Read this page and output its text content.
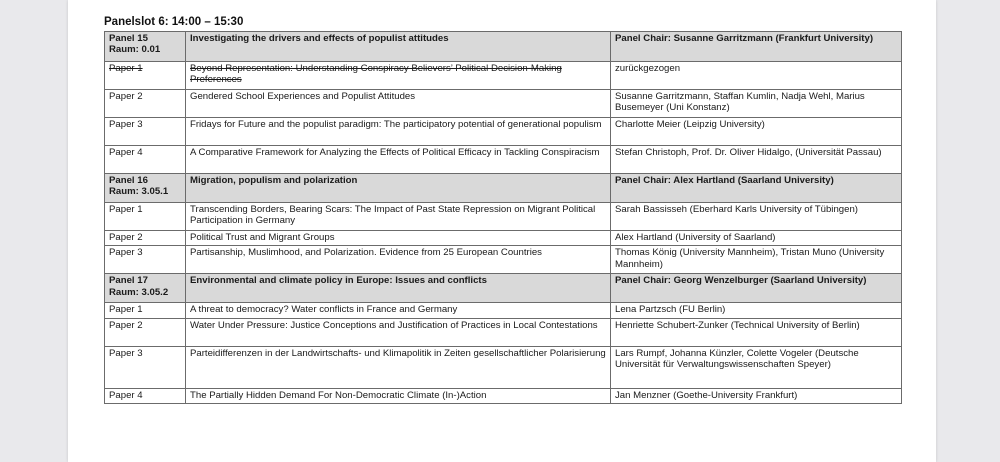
Panelslot 6: 14:00 – 15:30
Panel 15
Raum: 0.01	Investigating the drivers and effects of populist attitudes	Panel Chair: Susanne Garritzmann (Frankfurt University)
Paper 1	Beyond Representation: Understanding Conspiracy Believers’ Political Decision-Making Preferences	zurückgezogen
Paper 2	Gendered School Experiences and Populist Attitudes	Susanne Garritzmann, Staffan Kumlin, Nadja Wehl, Marius Busemeyer (Uni Konstanz)
Paper 3	Fridays for Future and the populist paradigm: The participatory potential of generational populism	Charlotte Meier (Leipzig University)
Paper 4	A Comparative Framework for Analyzing the Effects of Political Efficacy in Tackling Conspiracism	Stefan Christoph, Prof. Dr. Oliver Hidalgo, (Universität Passau)

Panel 16
Raum: 3.05.1	Migration, populism and polarization	Panel Chair: Alex Hartland (Saarland University)
Paper 1	Transcending Borders, Bearing Scars: The Impact of Past State Repression on Migrant Political Participation in Germany	Sarah Bassisseh (Eberhard Karls University of Tübingen)
Paper 2	Political Trust and Migrant Groups	Alex Hartland (University of Saarland)
Paper 3	Partisanship, Muslimhood, and Polarization. Evidence from 25 European Countries	Thomas König (University Mannheim), Tristan Muno (University Mannheim)

Panel 17
Raum: 3.05.2	Environmental and climate policy in Europe: Issues and conflicts	Panel Chair: Georg Wenzelburger (Saarland University)
Paper 1	A threat to democracy? Water conflicts in France and Germany	Lena Partzsch (FU Berlin)
Paper 2	Water Under Pressure: Justice Conceptions and Justification of Practices in Local Contestations	Henriette Schubert-Zunker (Technical University of Berlin)
Paper 3	Parteidifferenzen in der Landwirtschafts- und Klimapolitik in Zeiten gesellschaftlicher Polarisierung	Lars Rumpf, Johanna Künzler, Colette Vogeler (Deutsche Universität für Verwaltungswissenschaften Speyer)
Paper 4	The Partially Hidden Demand For Non-Democratic Climate (In-)Action	Jan Menzner (Goethe-University Frankfurt)
